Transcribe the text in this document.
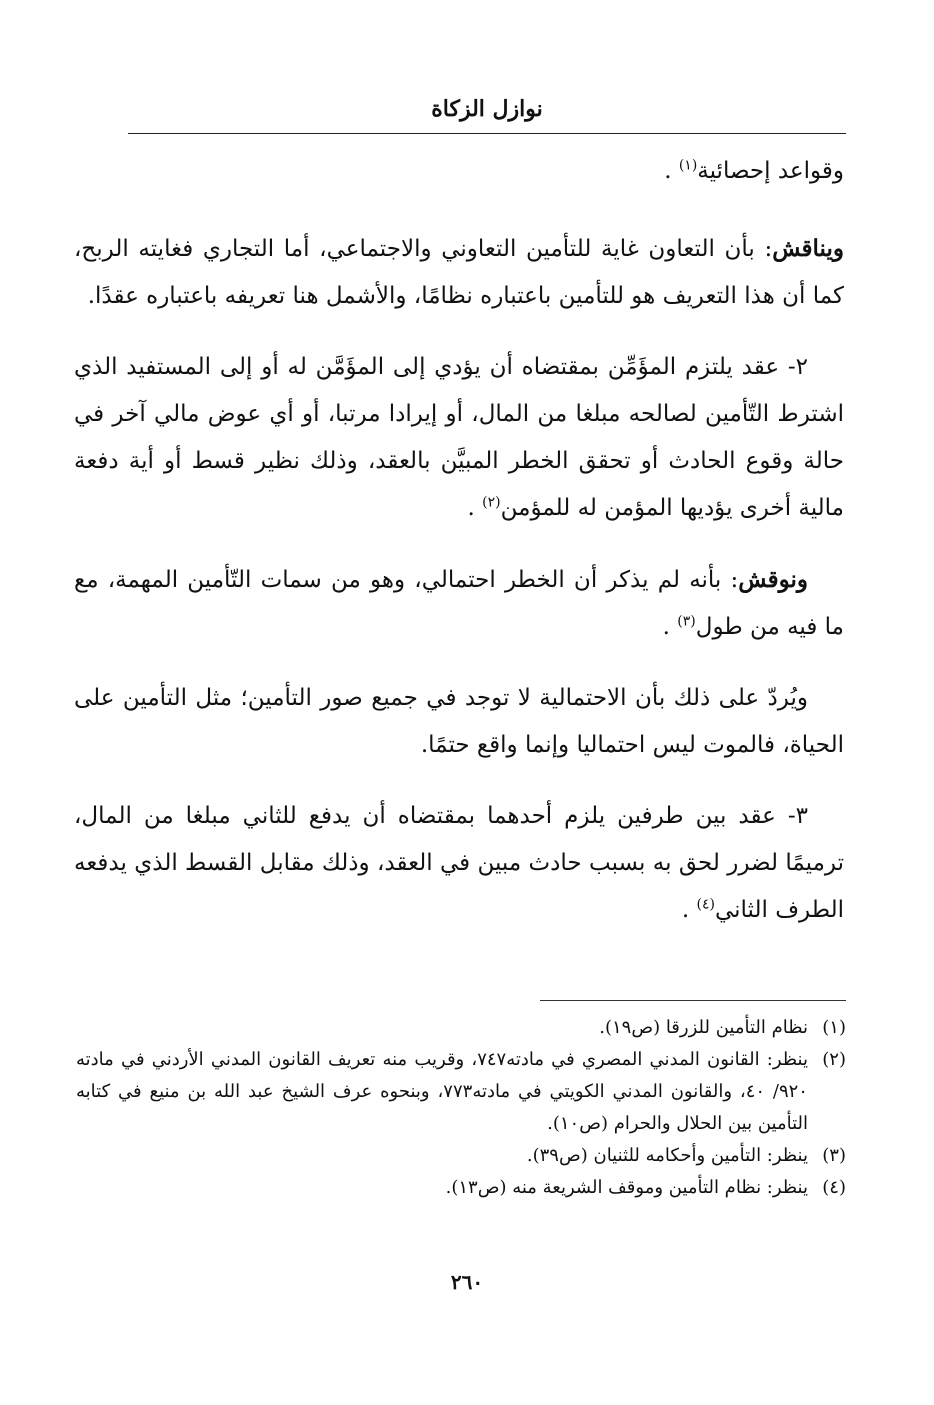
نوازل الزكاة

وقواعد إحصائية$^{(١)}$ .

ويناقش: بأن التعاون غاية للتأمين التعاوني والاجتماعي، أما التجاري فغايته الربح، كما أن هذا التعريف هو للتأمين باعتباره نظامًا، والأشمل هنا تعريفه باعتباره عقدًا.

٢- عقد يلتزم المؤَمِّن بمقتضاه أن يؤدي إلى المؤَمَّن له أو إلى المستفيد الذي اشترط التّأمين لصالحه مبلغا من المال، أو إيرادا مرتبا، أو أي عوض مالي آخر في حالة وقوع الحادث أو تحقق الخطر المبيَّن بالعقد، وذلك نظير قسط أو أية دفعة مالية أخرى يؤديها المؤمن له للمؤمن$^{(٢)}$ .

ونوقش: بأنه لم يذكر أن الخطر احتمالي، وهو من سمات التّأمين المهمة، مع ما فيه من طول$^{(٣)}$ .

ويُردّ على ذلك بأن الاحتمالية لا توجد في جميع صور التأمين؛ مثل التأمين على الحياة، فالموت ليس احتماليا وإنما واقع حتمًا.

٣- عقد بين طرفين يلزم أحدهما بمقتضاه أن يدفع للثاني مبلغا من المال، ترميمًا لضرر لحق به بسبب حادث مبين في العقد، وذلك مقابل القسط الذي يدفعه الطرف الثاني$^{(٤)}$ .

(١)
نظام التأمين للزرقا (ص١٩).
(٢)
ينظر: القانون المدني المصري في مادته٧٤٧، وقريب منه تعريف القانون المدني الأردني في مادته ٩٢٠/ ٤٠، والقانون المدني الكويتي في مادته٧٧٣، وبنحوه عرف الشيخ عبد الله بن منيع في كتابه التأمين بين الحلال والحرام (ص١٠).
(٣)
ينظر: التأمين وأحكامه للثنيان (ص٣٩).
(٤)
ينظر: نظام التأمين وموقف الشريعة منه (ص١٣).
٢٦٠
